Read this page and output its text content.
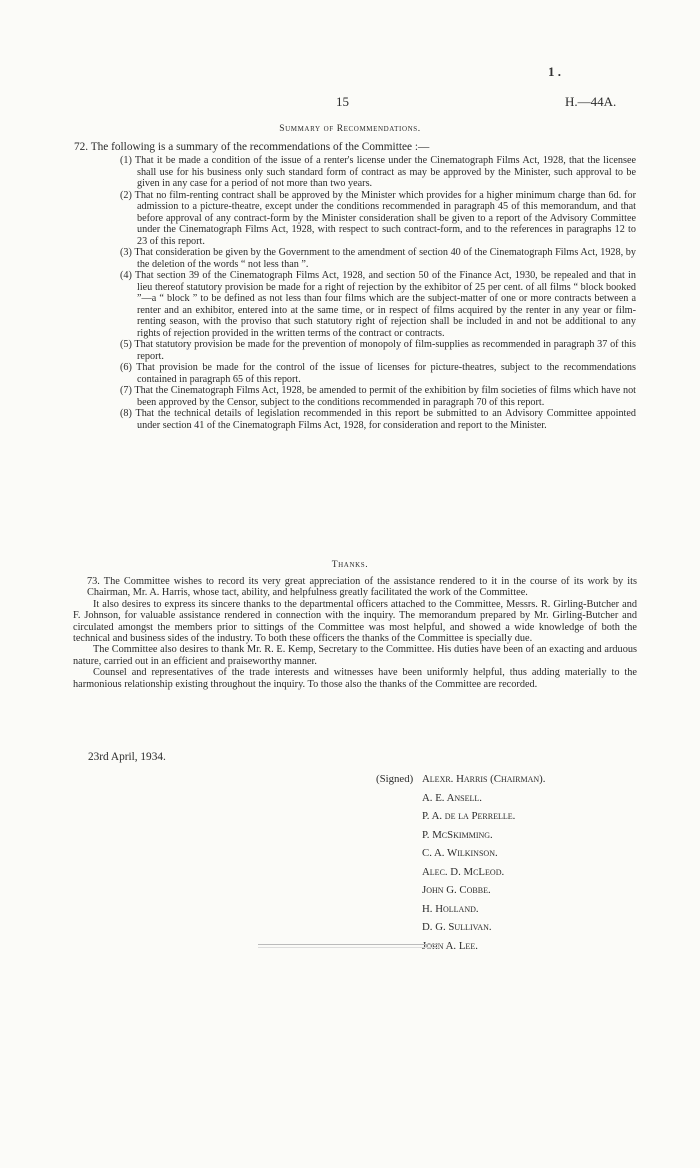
1 .
15	H.—44A.
Summary of Recommendations.
72. The following is a summary of the recommendations of the Committee :—
(1) That it be made a condition of the issue of a renter's license under the Cinematograph Films Act, 1928, that the licensee shall use for his business only such standard form of contract as may be approved by the Minister, such approval to be given in any case for a period of not more than two years.
(2) That no film-renting contract shall be approved by the Minister which provides for a higher minimum charge than 6d. for admission to a picture-theatre, except under the conditions recommended in paragraph 45 of this memorandum, and that before approval of any contract-form by the Minister consideration shall be given to a report of the Advisory Committee under the Cinematograph Films Act, 1928, with respect to such contract-form, and to the references in paragraphs 12 to 23 of this report.
(3) That consideration be given by the Government to the amendment of section 40 of the Cinematograph Films Act, 1928, by the deletion of the words “ not less than ”.
(4) That section 39 of the Cinematograph Films Act, 1928, and section 50 of the Finance Act, 1930, be repealed and that in lieu thereof statutory provision be made for a right of rejection by the exhibitor of 25 per cent. of all films “ block booked ”—a “ block ” to be defined as not less than four films which are the subject-matter of one or more contracts between a renter and an exhibitor, entered into at the same time, or in respect of films acquired by the renter in any year or film-renting season, with the proviso that such statutory right of rejection shall be included in and not be additional to any rights of rejection provided in the written terms of the contract or contracts.
(5) That statutory provision be made for the prevention of monopoly of film-supplies as recommended in paragraph 37 of this report.
(6) That provision be made for the control of the issue of licenses for picture-theatres, subject to the recommendations contained in paragraph 65 of this report.
(7) That the Cinematograph Films Act, 1928, be amended to permit of the exhibition by film societies of films which have not been approved by the Censor, subject to the conditions recommended in paragraph 70 of this report.
(8) That the technical details of legislation recommended in this report be submitted to an Advisory Committee appointed under section 41 of the Cinematograph Films Act, 1928, for consideration and report to the Minister.
Thanks.

73. The Committee wishes to record its very great appreciation of the assistance rendered to it in the course of its work by its Chairman, Mr. A. Harris, whose tact, ability, and helpfulness greatly facilitated the work of the Committee.

It also desires to express its sincere thanks to the departmental officers attached to the Committee, Messrs. R. Girling-Butcher and F. Johnson, for valuable assistance rendered in connection with the inquiry. The memorandum prepared by Mr. Girling-Butcher and circulated amongst the members prior to sittings of the Committee was most helpful, and showed a wide knowledge of both the technical and business sides of the industry. To both these officers the thanks of the Committee is specially due.

The Committee also desires to thank Mr. R. E. Kemp, Secretary to the Committee. His duties have been of an exacting and arduous nature, carried out in an efficient and praiseworthy manner.

Counsel and representatives of the trade interests and witnesses have been uniformly helpful, thus adding materially to the harmonious relationship existing throughout the inquiry. To those also the thanks of the Committee are recorded.

23rd April, 1934.
(Signed) Alexr. Harris (Chairman).
A. E. Ansell.
P. A. de la Perrelle.
P. McSkimming.
C. A. Wilkinson.
Alec. D. McLeod.
John G. Cobbe.
H. Holland.
D. G. Sullivan.
John A. Lee.
